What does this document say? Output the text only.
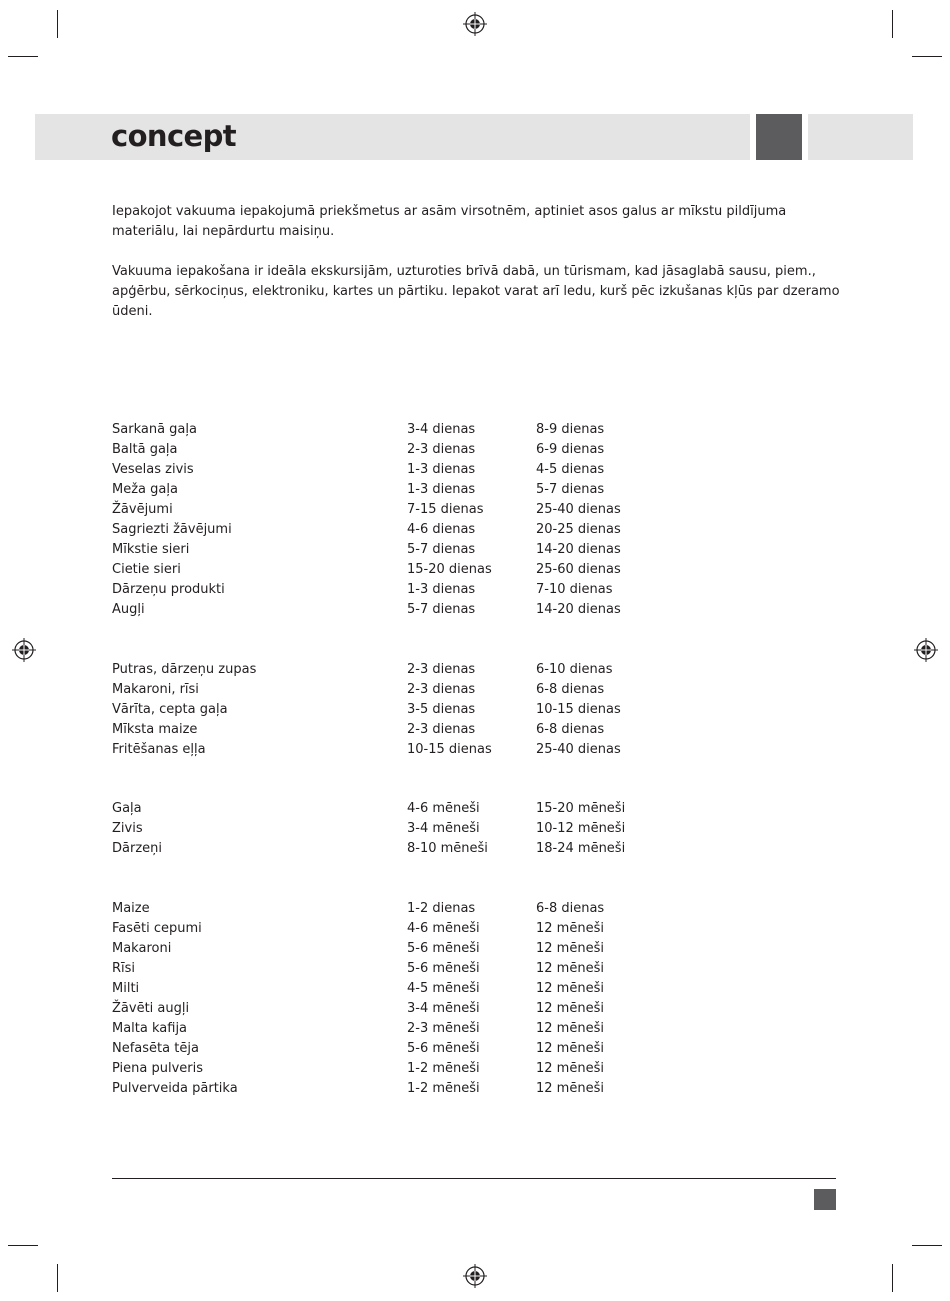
concept

Iepakojot vakuuma iepakojumā priekšmetus ar asām virsotnēm, aptiniet asos galus ar mīkstu pildījuma materiālu, lai nepārdurtu maisiņu.

Vakuuma iepakošana ir ideāla ekskursijām, uzturoties brīvā dabā, un tūrismam, kad jāsaglabā sausu, piem., apģērbu, sērkociņus, elektroniku, kartes un pārtiku. Iepakot varat arī ledu, kurš pēc izkušanas kļūs par dzeramo ūdeni.

Sarkanā gaļa	3-4 dienas	8-9 dienas
Baltā gaļa	2-3 dienas	6-9 dienas
Veselas zivis	1-3 dienas	4-5 dienas
Meža gaļa	1-3 dienas	5-7 dienas
Žāvējumi	7-15 dienas	25-40 dienas
Sagriezti žāvējumi	4-6 dienas	20-25 dienas
Mīkstie sieri	5-7 dienas	14-20 dienas
Cietie sieri	15-20 dienas	25-60 dienas
Dārzeņu produkti	1-3 dienas	7-10 dienas
Augļi	5-7 dienas	14-20 dienas
Putras, dārzeņu zupas	2-3 dienas	6-10 dienas
Makaroni, rīsi	2-3 dienas	6-8 dienas
Vārīta, cepta gaļa	3-5 dienas	10-15 dienas
Mīksta maize	2-3 dienas	6-8 dienas
Fritēšanas eļļa	10-15 dienas	25-40 dienas
Gaļa	4-6 mēneši	15-20 mēneši
Zivis	3-4 mēneši	10-12 mēneši
Dārzeņi	8-10 mēneši	18-24 mēneši
Maize	1-2 dienas	6-8 dienas
Fasēti cepumi	4-6 mēneši	12 mēneši
Makaroni	5-6 mēneši	12 mēneši
Rīsi	5-6 mēneši	12 mēneši
Milti	4-5 mēneši	12 mēneši
Žāvēti augļi	3-4 mēneši	12 mēneši
Malta kafija	2-3 mēneši	12 mēneši
Nefasēta tēja	5-6 mēneši	12 mēneši
Piena pulveris	1-2 mēneši	12 mēneši
Pulverveida pārtika	1-2 mēneši	12 mēneši
